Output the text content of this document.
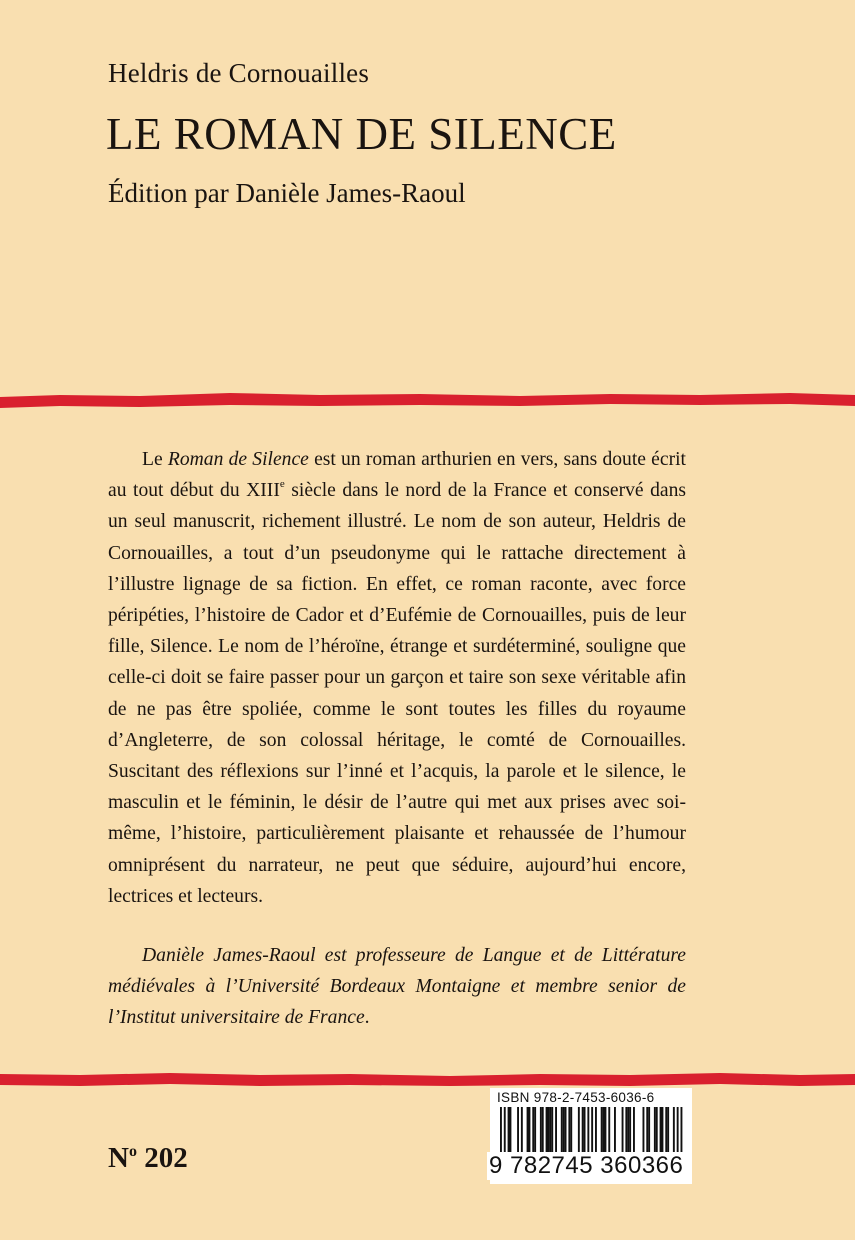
Heldris de Cornouailles
LE ROMAN DE SILENCE
Édition par Danièle James-Raoul

Le Roman de Silence est un roman arthurien en vers, sans doute écrit au tout début du XIIIe siècle dans le nord de la France et conservé dans un seul manuscrit, richement illustré. Le nom de son auteur, Heldris de Cornouailles, a tout d’un pseudonyme qui le rattache directement à l’illustre lignage de sa fiction. En effet, ce roman raconte, avec force péripéties, l’histoire de Cador et d’Eufémie de Cornouailles, puis de leur fille, Silence. Le nom de l’héroïne, étrange et surdéterminé, souligne que celle-ci doit se faire passer pour un garçon et taire son sexe véritable afin de ne pas être spoliée, comme le sont toutes les filles du royaume d’Angleterre, de son colossal héritage, le comté de Cornouailles. Suscitant des réflexions sur l’inné et l’acquis, la parole et le silence, le masculin et le féminin, le désir de l’autre qui met aux prises avec soi-même, l’histoire, particulièrement plaisante et rehaussée de l’humour omniprésent du narrateur, ne peut que séduire, aujourd’hui encore, lectrices et lecteurs.

Danièle James-Raoul est professeure de Langue et de Littérature médiévales à l’Université Bordeaux Montaigne et membre senior de l’Institut universitaire de France.

$N^o$ 202
ISBN 978-2-7453-6036-6
9 782745 360366
